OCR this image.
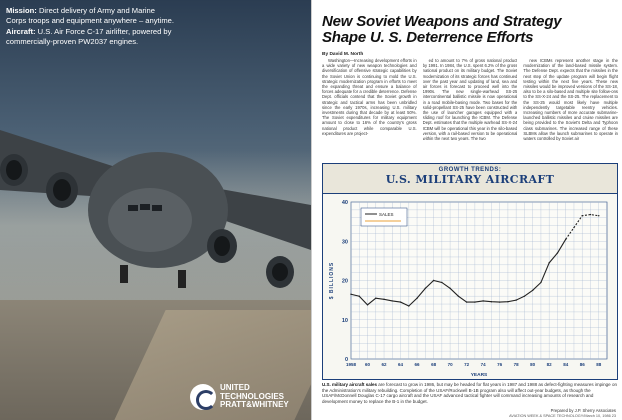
Mission: Direct delivery of Army and Marine Corps troops and equipment anywhere – anytime.

Aircraft: U.S. Air Force C-17 airlifter, powered by commercially-proven PW2037 engines.

UNITED
TECHNOLOGIES
PRATT&WHITNEY
New Soviet Weapons and Strategy
Shape U. S. Deterrence Efforts
By David M. North

Washington—Increasing development efforts in a wide variety of new weapon technologies and diversification of offensive strategic capabilities by the Soviet Union is continuing to mold the U.S. strategic modernization program in efforts to meet the expanding threat and ensure a balance of forces adequate for a credible deterrence. Defense Dept. officials contend that the Soviet growth in strategic and tactical arms has been unbridled since the early 1970s, increasing U.S. military investments during that decade by at least 50%. The Soviet expenditures for military equipment amount to close to 16% of the country's gross national product while comparable U.S. expenditures are project-

ed to amount to 7% of gross national product by 1991. In 1984, the U.S. spent 6.2% of the gross national product on its military budget. The Soviet modernization of its strategic forces has continued over the past year and updating of land, sea and air forces is forecast to proceed well into the 1990s. The new single-warhead SS-25 intercontinental ballistic missile is now operational in a road mobile-basing mode. Two bases for the solid-propellant SS-25 have been constructed with the use of launcher garages equipped with a sliding roof for launching the ICBM. The Defense Dept. estimates that the multiple warhead SS-X-24 ICBM will be operational this year in the silo-based version, with a rail-based version to be operational within the next two years. The two

new ICBMs represent another stage in the modernization of the land-based missile system. The Defense Dept. expects that the missiles in the next step of the update program will begin flight testing within the next five years. These new missiles would be improved versions of the SS-18, also to be a silo-based and multiple site follow-ons to the SS-X-24 and the SS-25. The replacement to the SS-25 would most likely have multiple independently targetable reentry vehicles. Increasing numbers of more accurate submarine-launched ballistic missiles and cruise missiles are being provided to the Soviet's Delta and Typhoon class submarines. The increased range of these SLBMs allow the launch submarines to operate in waters controlled by Soviet air

GROWTH TRENDS:
U.S. MILITARY AIRCRAFT
0
10
20
30
40
1958 60	62	64	66	68	70	72	74	76	78	80	82	84	86	88
$ BILLIONS
YEARS
SALES
U.S. military aircraft sales are forecast to grow in 1986, but may be headed for flat years in 1987 and 1988 as defect-fighting measures impinge on the Administration's military rebuilding. Completion of the USAF/Rockwell B-1B program also will affect out-year budgets, as though the USAF/McDonnell Douglas C-17 cargo aircraft and the USAF advanced tactical fighter will command increasing amounts of research and development money to replace the B-1 in the budget.
Prepared by J.P. Sherry Associates
AVIATION WEEK & SPACE TECHNOLOGY/March 10, 1986 23
